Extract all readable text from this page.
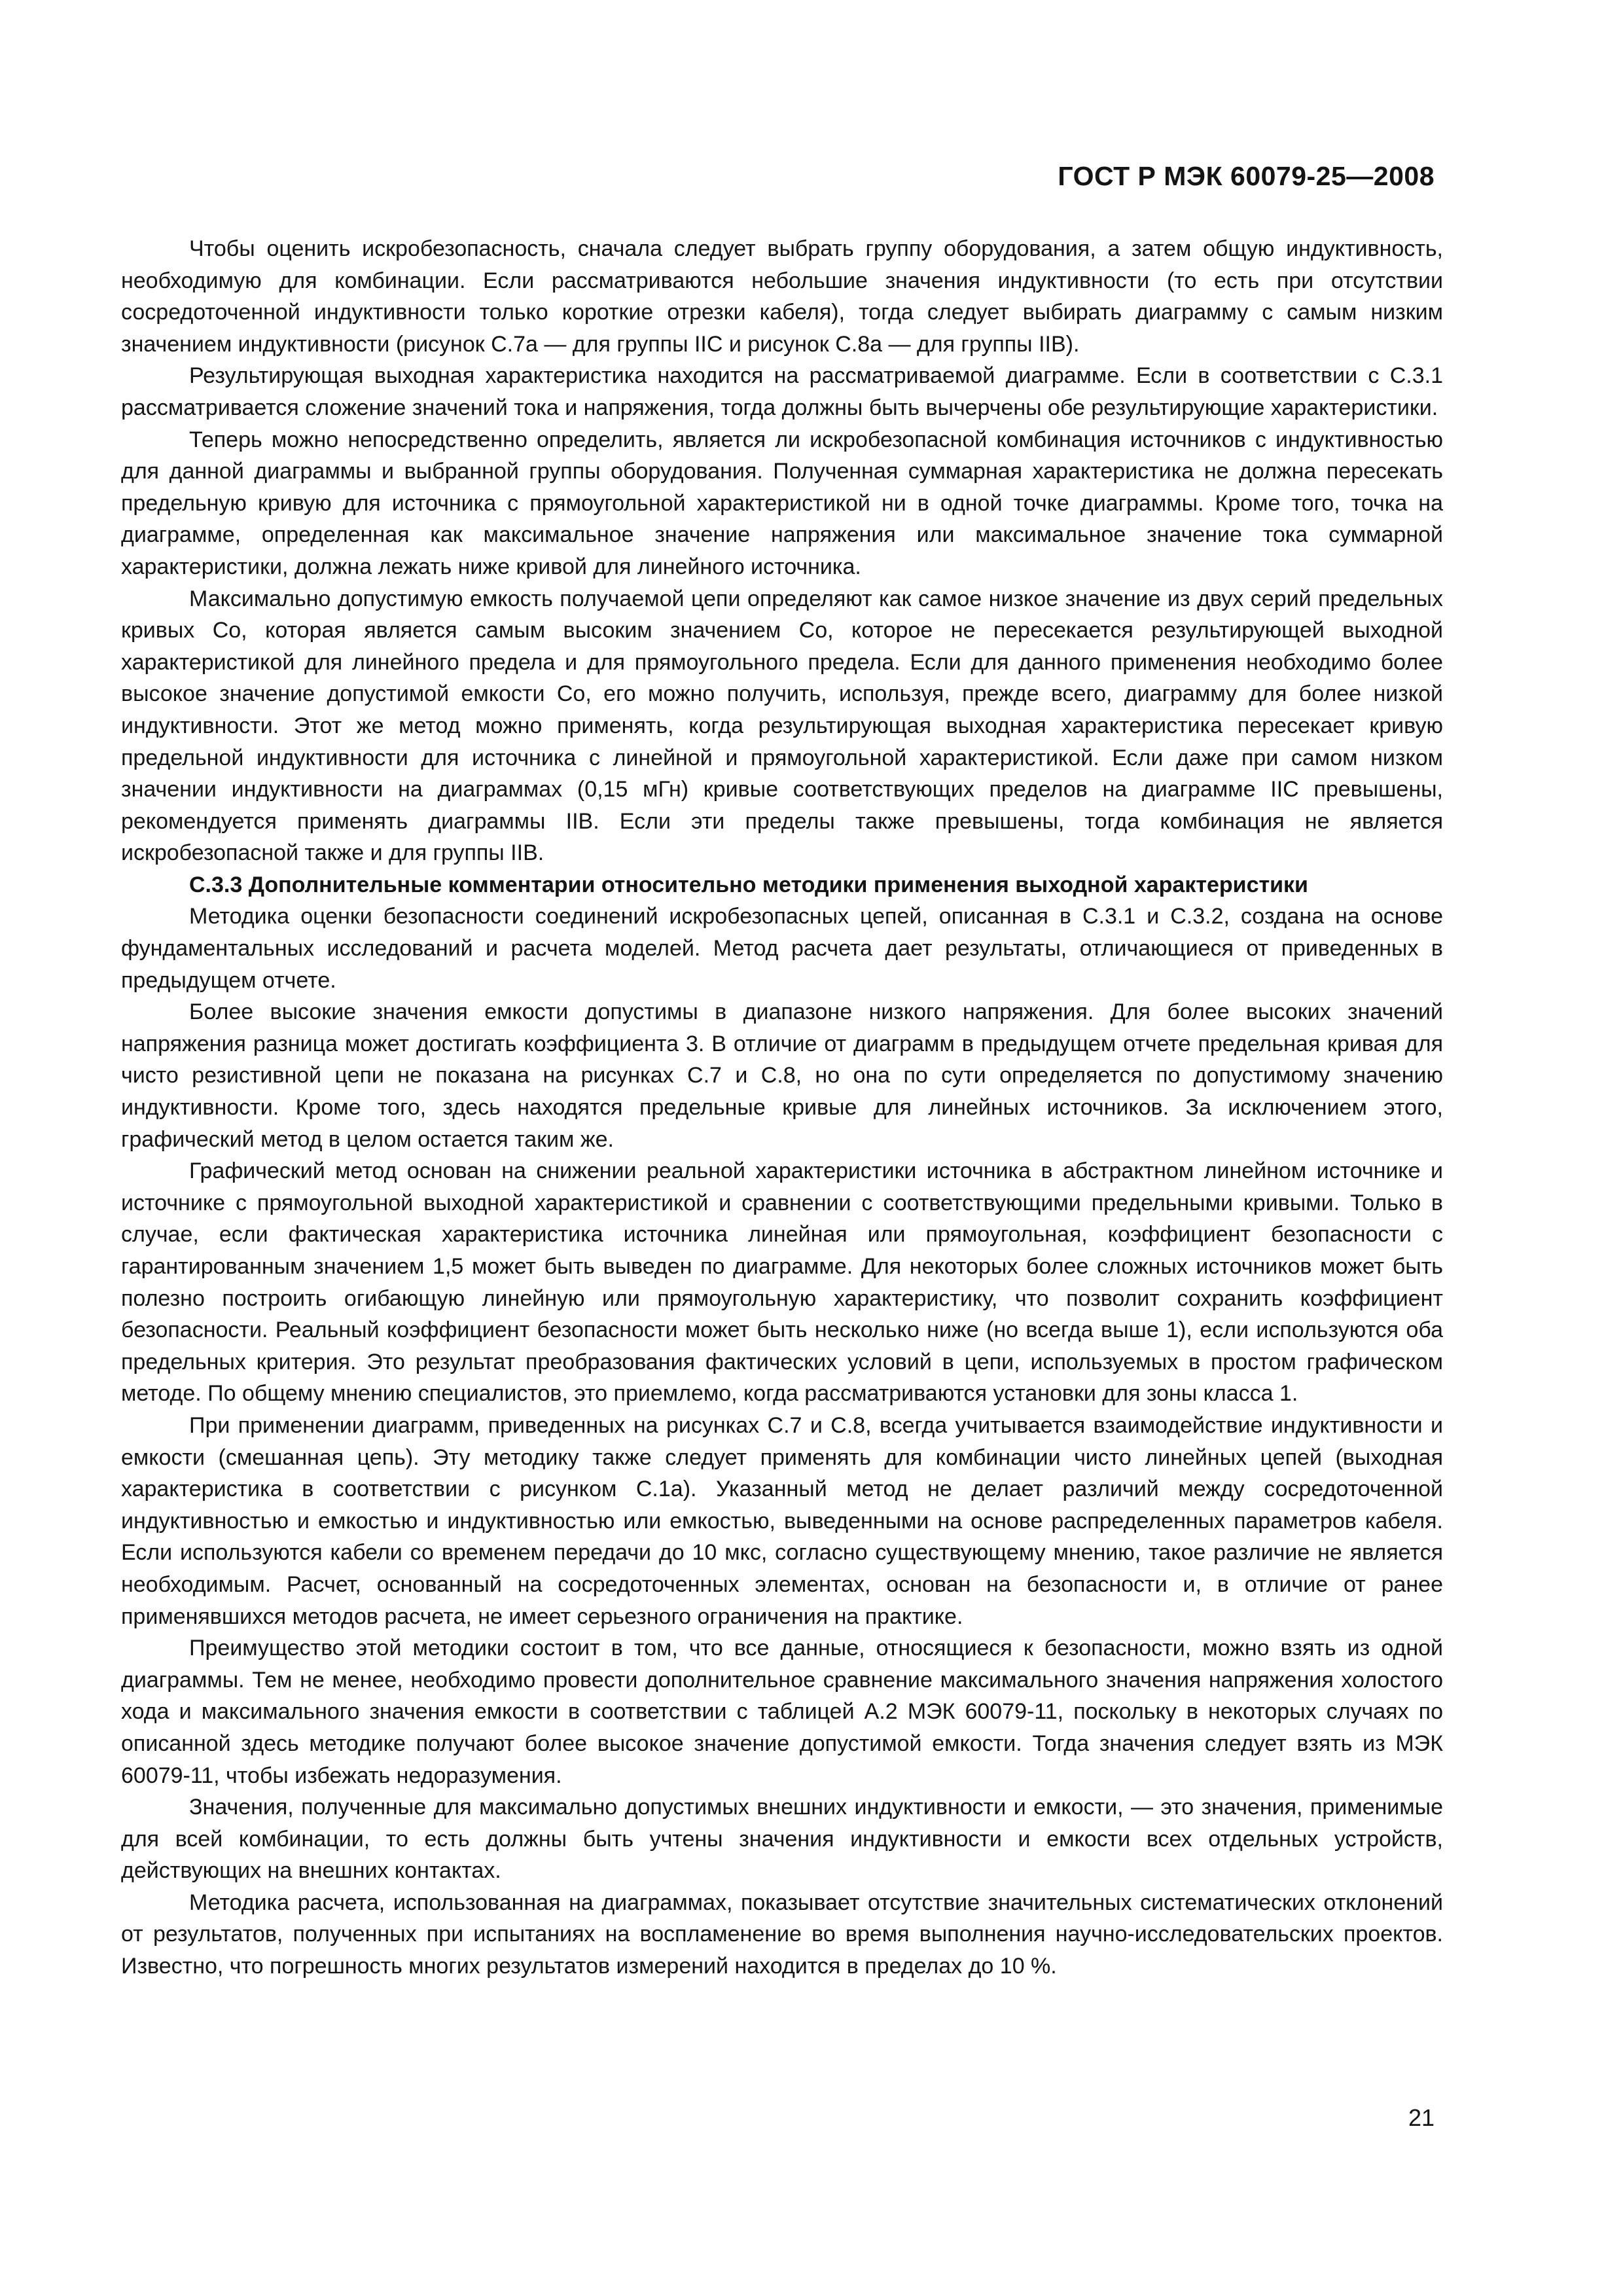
ГОСТ Р МЭК 60079-25—2008

Чтобы оценить искробезопасность, сначала следует выбрать группу оборудования, а затем общую индуктивность, необходимую для комбинации. Если рассматриваются небольшие значения индуктивности (то есть при отсутствии сосредоточенной индуктивности только короткие отрезки кабеля), тогда следует выбирать диаграмму с самым низким значением индуктивности (рисунок С.7а — для группы IIC и рисунок С.8а — для группы IIB).

Результирующая выходная характеристика находится на рассматриваемой диаграмме. Если в соответствии с С.3.1 рассматривается сложение значений тока и напряжения, тогда должны быть вычерчены обе результирующие характеристики.

Теперь можно непосредственно определить, является ли искробезопасной комбинация источников с индуктивностью для данной диаграммы и выбранной группы оборудования. Полученная суммарная характеристика не должна пересекать предельную кривую для источника с прямоугольной характеристикой ни в одной точке диаграммы. Кроме того, точка на диаграмме, определенная как максимальное значение напряжения или максимальное значение тока суммарной характеристики, должна лежать ниже кривой для линейного источника.

Максимально допустимую емкость получаемой цепи определяют как самое низкое значение из двух серий предельных кривых Cо, которая является самым высоким значением Cо, которое не пересекается результирующей выходной характеристикой для линейного предела и для прямоугольного предела. Если для данного применения необходимо более высокое значение допустимой емкости Cо, его можно получить, используя, прежде всего, диаграмму для более низкой индуктивности. Этот же метод можно применять, когда результирующая выходная характеристика пересекает кривую предельной индуктивности для источника с линейной и прямоугольной характеристикой. Если даже при самом низком значении индуктивности на диаграммах (0,15 мГн) кривые соответствующих пределов на диаграмме IIC превышены, рекомендуется применять диаграммы IIB. Если эти пределы также превышены, тогда комбинация не является искробезопасной также и для группы IIB.

С.3.3 Дополнительные комментарии относительно методики применения выходной характеристики

Методика оценки безопасности соединений искробезопасных цепей, описанная в С.3.1 и С.3.2, создана на основе фундаментальных исследований и расчета моделей. Метод расчета дает результаты, отличающиеся от приведенных в предыдущем отчете.

Более высокие значения емкости допустимы в диапазоне низкого напряжения. Для более высоких значений напряжения разница может достигать коэффициента 3. В отличие от диаграмм в предыдущем отчете предельная кривая для чисто резистивной цепи не показана на рисунках С.7 и С.8, но она по сути определяется по допустимому значению индуктивности. Кроме того, здесь находятся предельные кривые для линейных источников. За исключением этого, графический метод в целом остается таким же.

Графический метод основан на снижении реальной характеристики источника в абстрактном линейном источнике и источнике с прямоугольной выходной характеристикой и сравнении с соответствующими предельными кривыми. Только в случае, если фактическая характеристика источника линейная или прямоугольная, коэффициент безопасности с гарантированным значением 1,5 может быть выведен по диаграмме. Для некоторых более сложных источников может быть полезно построить огибающую линейную или прямоугольную характеристику, что позволит сохранить коэффициент безопасности. Реальный коэффициент безопасности может быть несколько ниже (но всегда выше 1), если используются оба предельных критерия. Это результат преобразования фактических условий в цепи, используемых в простом графическом методе. По общему мнению специалистов, это приемлемо, когда рассматриваются установки для зоны класса 1.

При применении диаграмм, приведенных на рисунках С.7 и С.8, всегда учитывается взаимодействие индуктивности и емкости (смешанная цепь). Эту методику также следует применять для комбинации чисто линейных цепей (выходная характеристика в соответствии с рисунком С.1а). Указанный метод не делает различий между сосредоточенной индуктивностью и емкостью и индуктивностью или емкостью, выведенными на основе распределенных параметров кабеля. Если используются кабели со временем передачи до 10 мкс, согласно существующему мнению, такое различие не является необходимым. Расчет, основанный на сосредоточенных элементах, основан на безопасности и, в отличие от ранее применявшихся методов расчета, не имеет серьезного ограничения на практике.

Преимущество этой методики состоит в том, что все данные, относящиеся к безопасности, можно взять из одной диаграммы. Тем не менее, необходимо провести дополнительное сравнение максимального значения напряжения холостого хода и максимального значения емкости в соответствии с таблицей А.2 МЭК 60079-11, поскольку в некоторых случаях по описанной здесь методике получают более высокое значение допустимой емкости. Тогда значения следует взять из МЭК 60079-11, чтобы избежать недоразумения.

Значения, полученные для максимально допустимых внешних индуктивности и емкости, — это значения, применимые для всей комбинации, то есть должны быть учтены значения индуктивности и емкости всех отдельных устройств, действующих на внешних контактах.

Методика расчета, использованная на диаграммах, показывает отсутствие значительных систематических отклонений от результатов, полученных при испытаниях на воспламенение во время выполнения научно-исследовательских проектов. Известно, что погрешность многих результатов измерений находится в пределах до 10 %.

21
